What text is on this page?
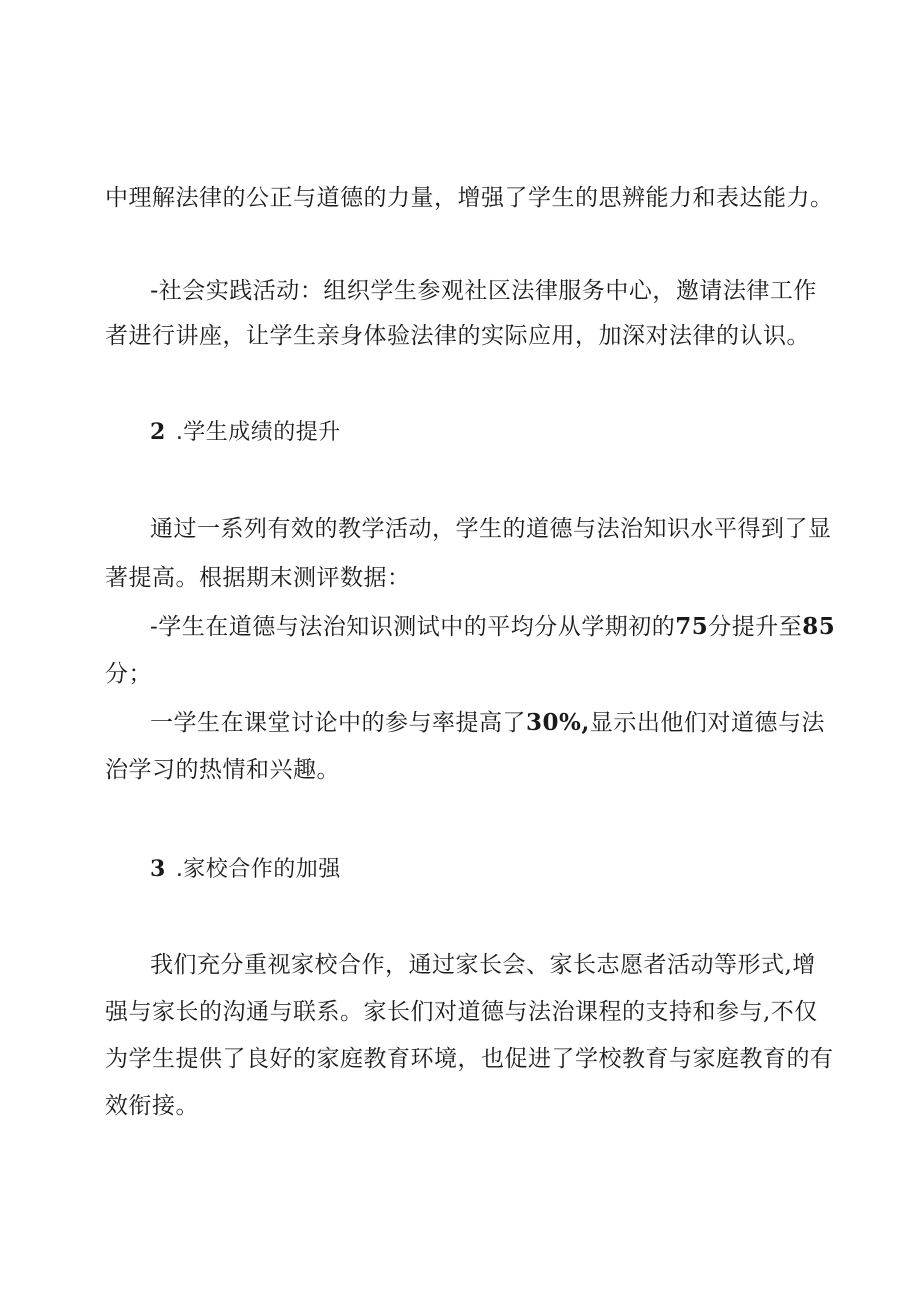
中理解法律的公正与道德的力量，增强了学生的思辨能力和表达能力。

-社会实践活动：组织学生参观社区法律服务中心，邀请法律工作

者进行讲座，让学生亲身体验法律的实际应用，加深对法律的认识。

2 .学生成绩的提升

通过一系列有效的教学活动，学生的道德与法治知识水平得到了显

著提高。根据期末测评数据：

-学生在道德与法治知识测试中的平均分从学期初的75分提升至85

分；

一学生在课堂讨论中的参与率提高了30%,显示出他们对道德与法

治学习的热情和兴趣。

3 .家校合作的加强

我们充分重视家校合作，通过家长会、家长志愿者活动等形式,增

强与家长的沟通与联系。家长们对道德与法治课程的支持和参与,不仅

为学生提供了良好的家庭教育环境，也促进了学校教育与家庭教育的有

效衔接。
